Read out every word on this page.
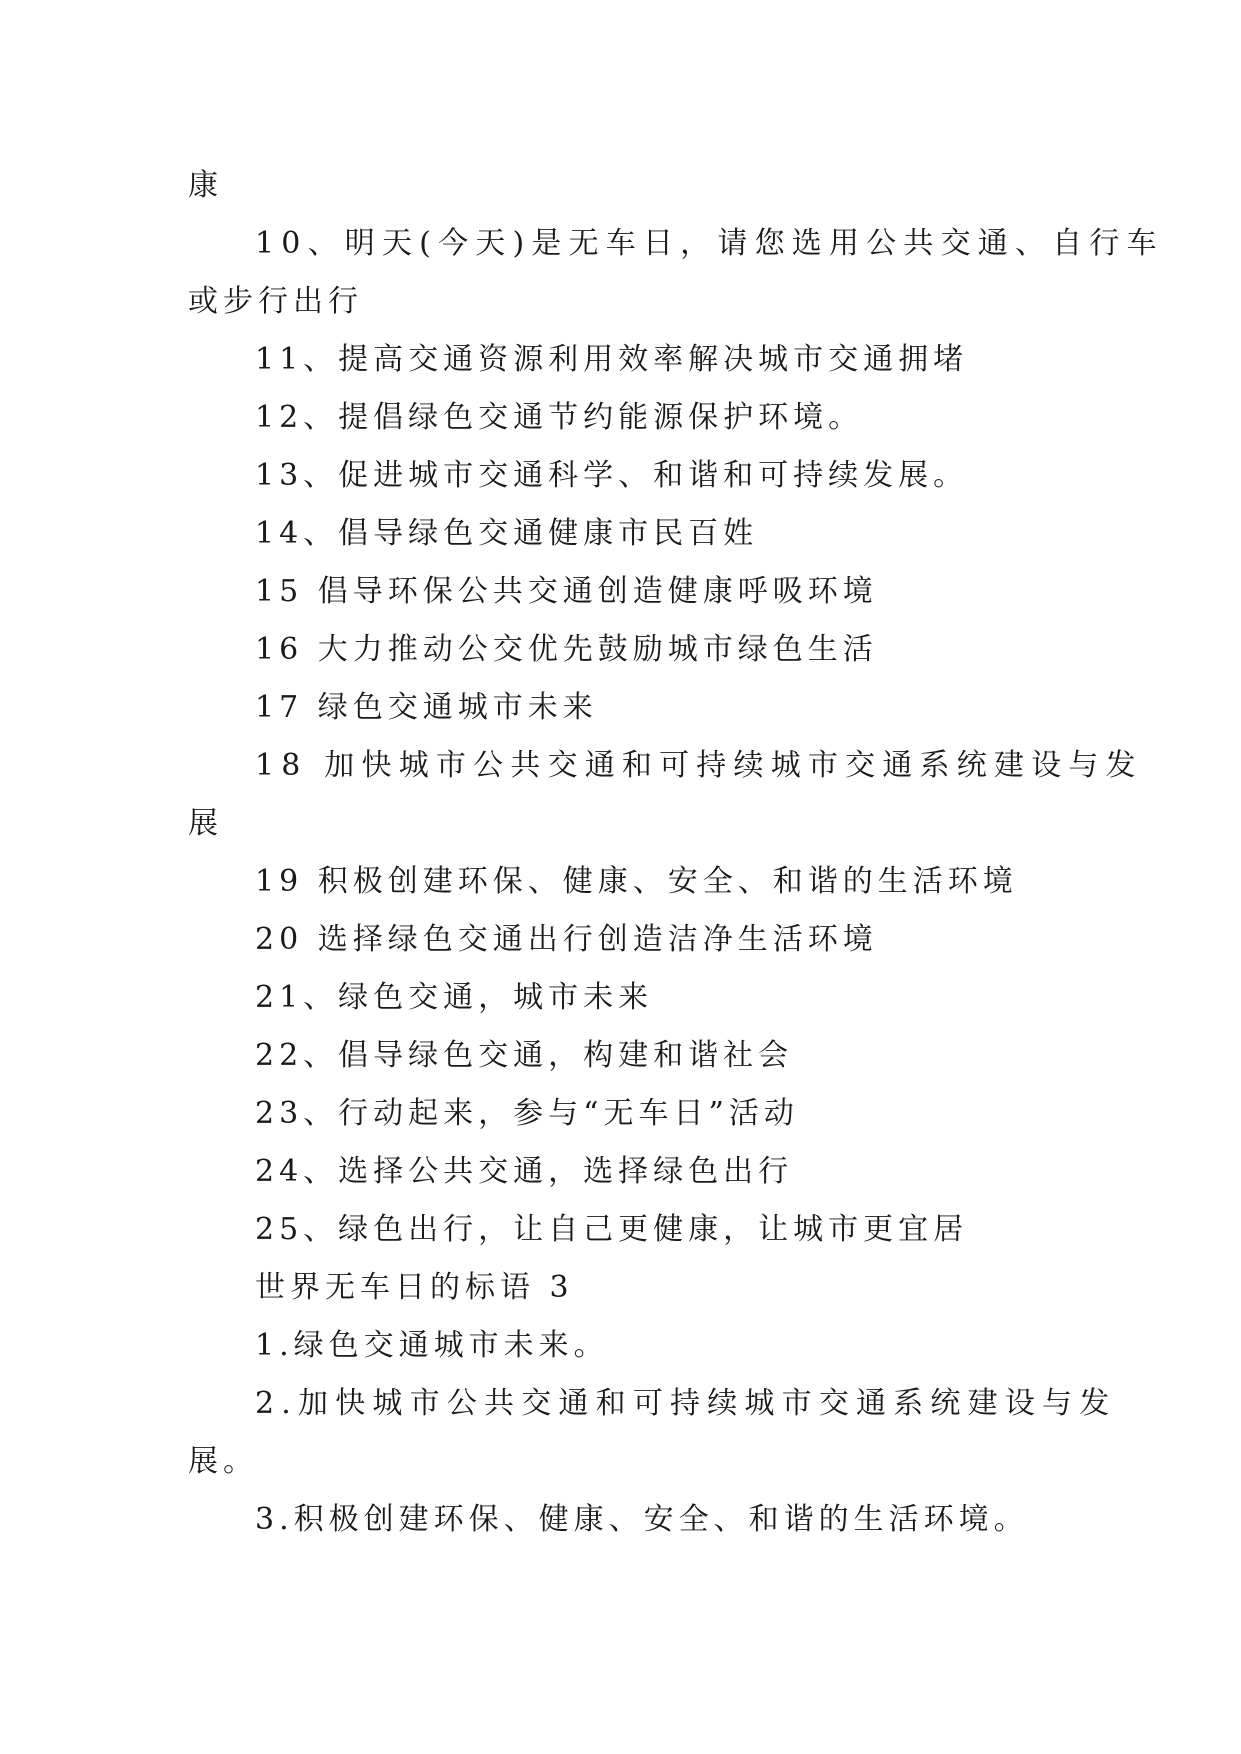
康
10、明天(今天)是无车日，请您选用公共交通、自行车
或步行出行
11、提高交通资源利用效率解决城市交通拥堵
12、提倡绿色交通节约能源保护环境。
13、促进城市交通科学、和谐和可持续发展。
14、倡导绿色交通健康市民百姓
15 倡导环保公共交通创造健康呼吸环境
16 大力推动公交优先鼓励城市绿色生活
17 绿色交通城市未来
18 加快城市公共交通和可持续城市交通系统建设与发
展
19 积极创建环保、健康、安全、和谐的生活环境
20 选择绿色交通出行创造洁净生活环境
21、绿色交通，城市未来
22、倡导绿色交通，构建和谐社会
23、行动起来，参与“无车日”活动
24、选择公共交通，选择绿色出行
25、绿色出行，让自己更健康，让城市更宜居
世界无车日的标语 3
1.绿色交通城市未来。
2.加快城市公共交通和可持续城市交通系统建设与发
展。
3.积极创建环保、健康、安全、和谐的生活环境。
